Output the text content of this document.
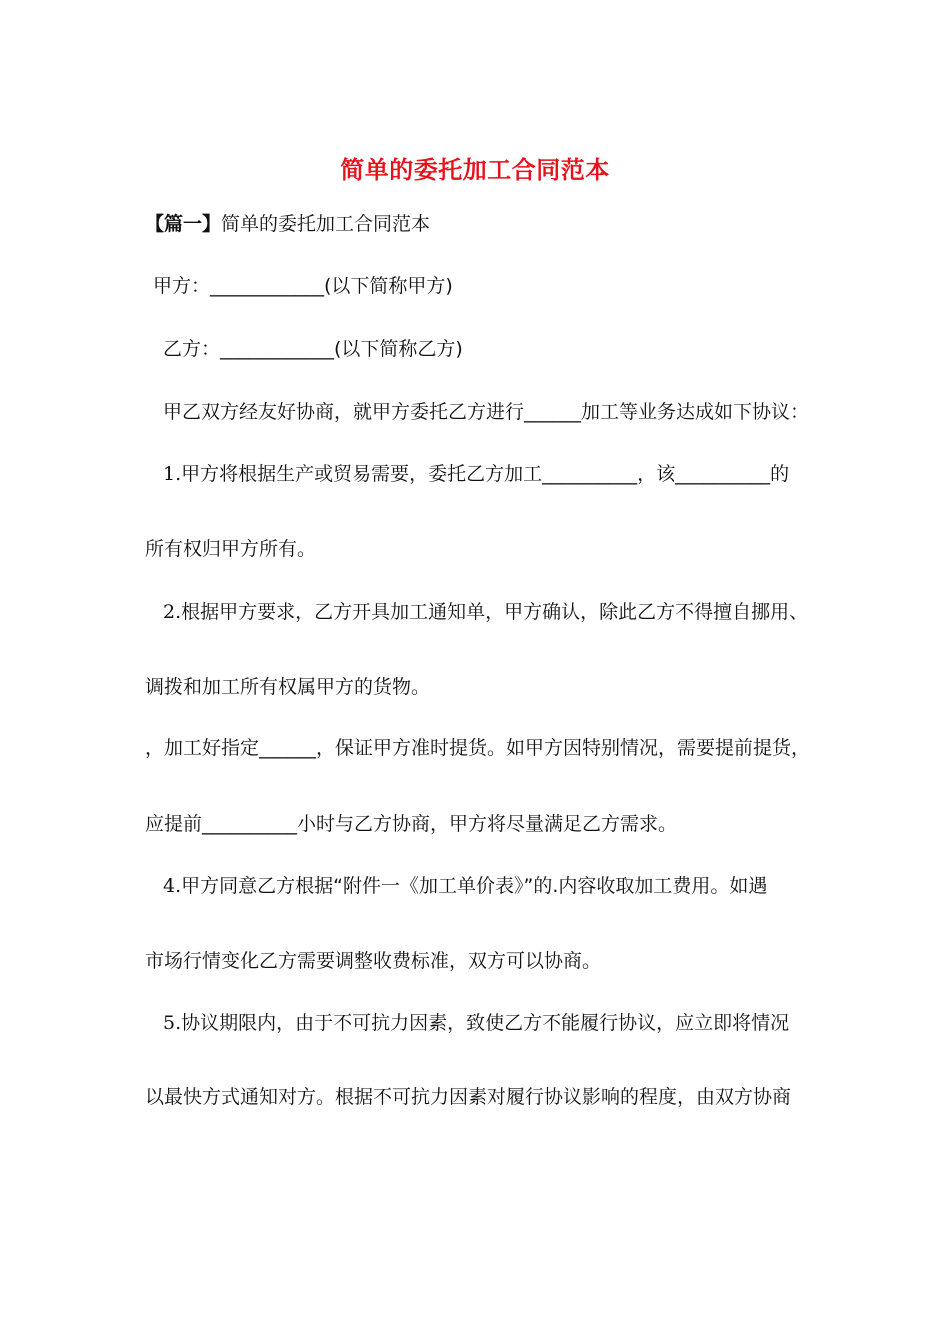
简单的委托加工合同范本
【篇一】简单的委托加工合同范本
甲方：____________(以下简称甲方)
乙方：____________(以下简称乙方)
甲乙双方经友好协商，就甲方委托乙方进行______加工等业务达成如下协议：
1.甲方将根据生产或贸易需要，委托乙方加工__________，该__________的
所有权归甲方所有。
2.根据甲方要求，乙方开具加工通知单，甲方确认，除此乙方不得擅自挪用、
调拨和加工所有权属甲方的货物。
，加工好指定______，保证甲方准时提货。如甲方因特别情况，需要提前提货，
应提前__________小时与乙方协商，甲方将尽量满足乙方需求。
4.甲方同意乙方根据“附件一《加工单价表》”的.内容收取加工费用。如遇
市场行情变化乙方需要调整收费标准，双方可以协商。
5.协议期限内，由于不可抗力因素，致使乙方不能履行协议，应立即将情况
以最快方式通知对方。根据不可抗力因素对履行协议影响的程度，由双方协商
